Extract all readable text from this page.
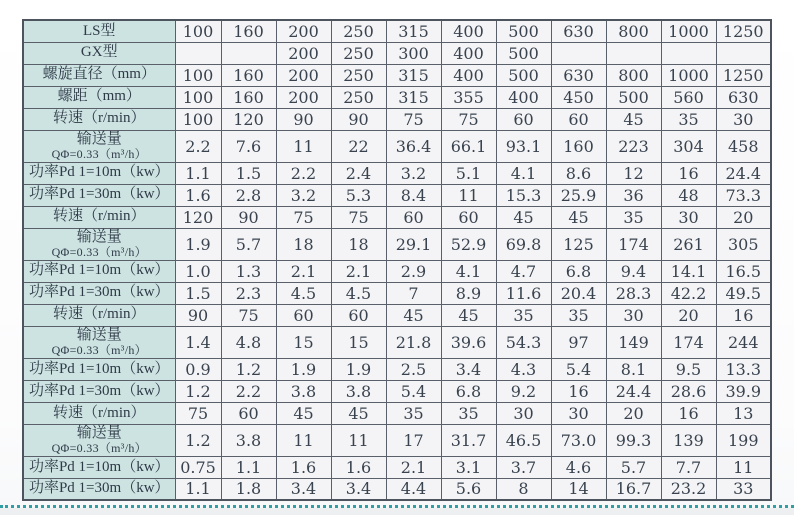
LS型	100	160	200	250	315	400	500	630	800	1000	1250

GX型			200	250	300	400	500				

螺旋直径（mm）	100	160	200	250	315	400	500	630	800	1000	1250

螺距（mm）	100	160	200	250	315	355	400	450	500	560	630

转速（r/min）	100	120	90	90	75	75	60	60	45	35	30

输送量
QΦ=0.33（m³/h）	2.2	7.6	11	22	36.4	66.1	93.1	160	223	304	458

功率Pd 1=10m（kw）	1.1	1.5	2.2	2.4	3.2	5.1	4.1	8.6	12	16	24.4

功率Pd 1=30m（kw）	1.6	2.8	3.2	5.3	8.4	11	15.3	25.9	36	48	73.3

转速（r/min）	120	90	75	75	60	60	45	45	35	30	20

输送量
QΦ=0.33（m³/h）	1.9	5.7	18	18	29.1	52.9	69.8	125	174	261	305

功率Pd 1=10m（kw）	1.0	1.3	2.1	2.1	2.9	4.1	4.7	6.8	9.4	14.1	16.5

功率Pd 1=30m（kw）	1.5	2.3	4.5	4.5	7	8.9	11.6	20.4	28.3	42.2	49.5

转速（r/min）	90	75	60	60	45	45	35	35	30	20	16

输送量
QΦ=0.33（m³/h）	1.4	4.8	15	15	21.8	39.6	54.3	97	149	174	244

功率Pd 1=10m（kw）	0.9	1.2	1.9	1.9	2.5	3.4	4.3	5.4	8.1	9.5	13.3

功率Pd 1=30m（kw）	1.2	2.2	3.8	3.8	5.4	6.8	9.2	16	24.4	28.6	39.9

转速（r/min）	75	60	45	45	35	35	30	30	20	16	13

输送量
QΦ=0.33（m³/h）	1.2	3.8	11	11	17	31.7	46.5	73.0	99.3	139	199

功率Pd 1=10m（kw）	0.75	1.1	1.6	1.6	2.1	3.1	3.7	4.6	5.7	7.7	11

功率Pd 1=30m（kw）	1.1	1.8	3.4	3.4	4.4	5.6	8	14	16.7	23.2	33
